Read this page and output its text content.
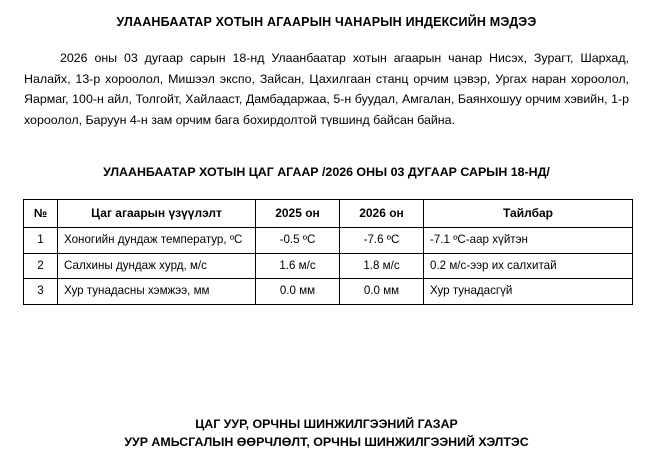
УЛААНБААТАР ХОТЫН АГААРЫН ЧАНАРЫН ИНДЕКСИЙН МЭДЭЭ

2026 оны 03 дугаар сарын 18-нд Улаанбаатар хотын агаарын чанар Нисэх, Зурагт, Шархад, Налайх, 13-р хороолол, Мишээл экспо, Зайсан, Цахилгаан станц орчим цэвэр, Ургах наран хороолол, Яармаг, 100-н айл, Толгойт, Хайлааст, Дамбадаржаа, 5-н буудал, Амгалан, Баянхошуу орчим хэвийн, 1-р хороолол, Баруун 4-н зам орчим бага бохирдолтой түвшинд байсан байна.

УЛААНБААТАР ХОТЫН ЦАГ АГААР /2026 ОНЫ 03 ДУГААР САРЫН 18-НД/
№	Цаг агаарын үзүүлэлт	2025 он	2026 он	Тайлбар
1	Хоногийн дундаж температур, ºC	-0.5 ºC	-7.6 ºC	-7.1 ºC-аар хүйтэн
2	Салхины дундаж хурд, м/с	1.6 м/с	1.8 м/с	0.2 м/с-ээр их салхитай
3	Хур тунадасны хэмжээ, мм	0.0 мм	0.0 мм	Хур тунадасгүй
ЦАГ УУР, ОРЧНЫ ШИНЖИЛГЭЭНИЙ ГАЗАР
УУР АМЬСГАЛЫН ӨӨРЧЛӨЛТ, ОРЧНЫ ШИНЖИЛГЭЭНИЙ ХЭЛТЭС
